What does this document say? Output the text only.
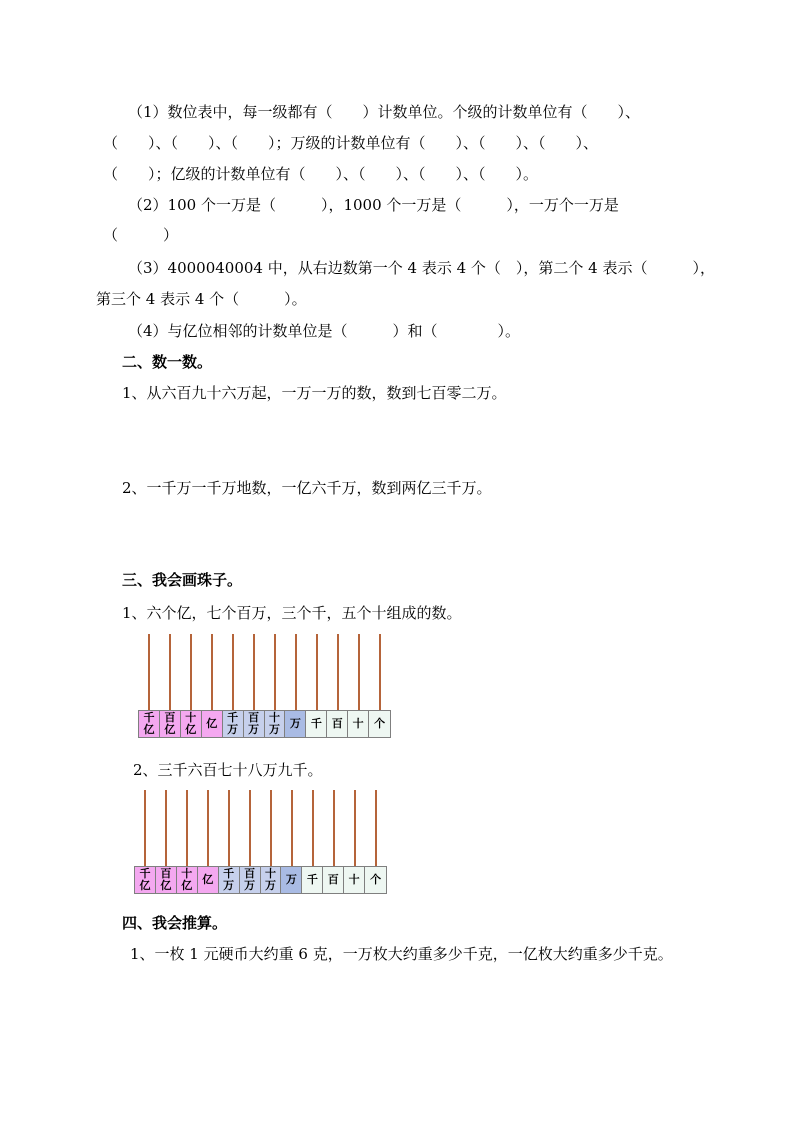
（1）数位表中，每一级都有（　　）计数单位。个级的计数单位有（　　）、
（　　）、（　　）、（　　）；万级的计数单位有（　　）、（　　）、（　　）、
（　　）；亿级的计数单位有（　　）、（　　）、（　　）、（　　）。
（2）100 个一万是（　　　），1000 个一万是（　　　），一万个一万是
（　　　）
（3）4000040004 中，从右边数第一个 4 表示 4 个（　），第二个 4 表示（　　　），
第三个 4 表示 4 个（　　　）。
（4）与亿位相邻的计数单位是（　　　）和（　　　　）。
二、数一数。
1、从六百九十六万起，一万一万的数，数到七百零二万。
2、一千万一千万地数，一亿六千万，数到两亿三千万。
三、我会画珠子。
1、六个亿，七个百万，三个千，五个十组成的数。
千
亿
百
亿
十
亿 亿 千
万
百
万
十
万 万 千 百 十 个
2、三千六百七十八万九千。
千
亿
百
亿
十
亿 亿 千
万
百
万
十
万 万 千 百 十 个
四、我会推算。
1、一枚 1 元硬币大约重 6 克，一万枚大约重多少千克，一亿枚大约重多少千克。
